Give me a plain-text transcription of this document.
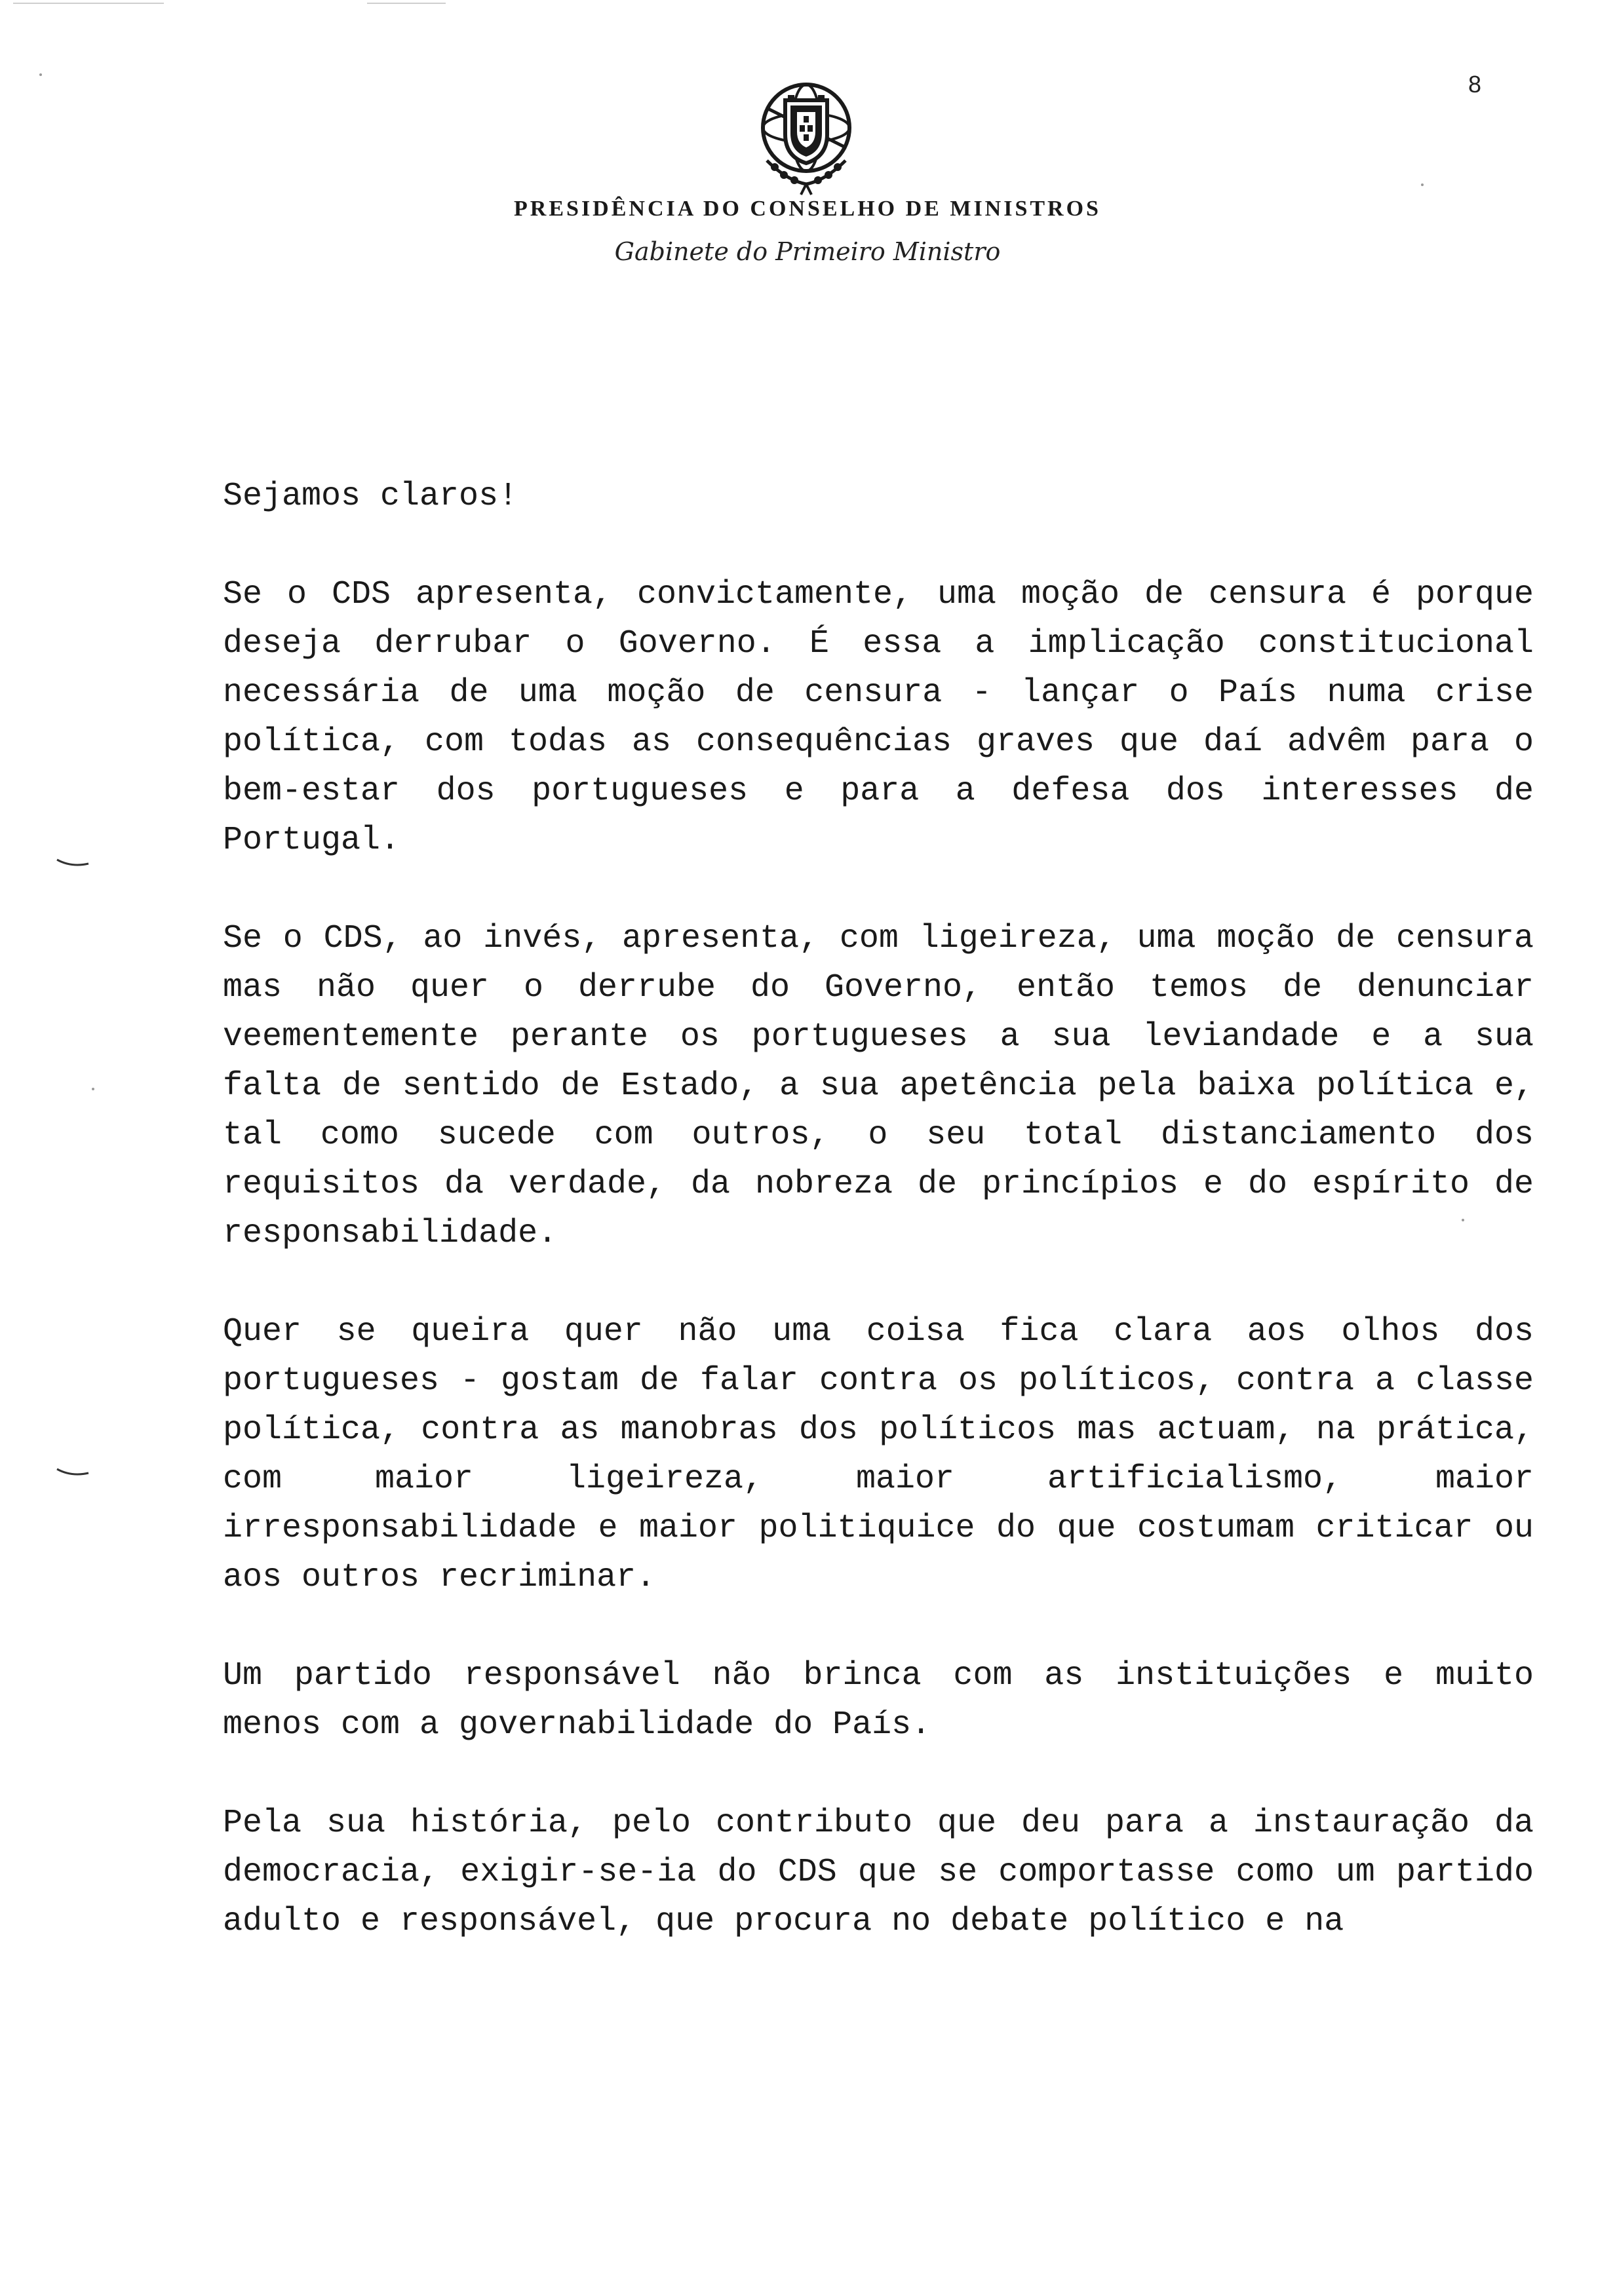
8
PRESIDÊNCIA DO CONSELHO DE MINISTROS
Gabinete do Primeiro Ministro

Sejamos claros!

Se o CDS apresenta, convictamente, uma moção de censura é porque deseja derrubar o Governo. É essa a implicação constitucional necessária de uma moção de censura - lançar o País numa crise política, com todas as consequências graves que daí advêm para o bem-estar dos portugueses e para a defesa dos interesses de Portugal.

Se o CDS, ao invés, apresenta, com ligeireza, uma moção de censura mas não quer o derrube do Governo, então temos de denunciar veementemente perante os portugueses a sua leviandade e a sua falta de sentido de Estado, a sua apetência pela baixa política e, tal como sucede com outros, o seu total distanciamento dos requisitos da verdade, da nobreza de princípios e do espírito de responsabilidade.

Quer se queira quer não uma coisa fica clara aos olhos dos portugueses - gostam de falar contra os políticos, contra a classe política, contra as manobras dos políticos mas actuam, na prática, com maior ligeireza, maior artificialismo, maior irresponsabilidade e maior politiquice do que costumam criticar ou aos outros recriminar.

Um partido responsável não brinca com as instituições e muito menos com a governabilidade do País.

Pela sua história, pelo contributo que deu para a instauração da democracia, exigir-se-ia do CDS que se comportasse como um partido adulto e responsável, que procura no debate político e na
